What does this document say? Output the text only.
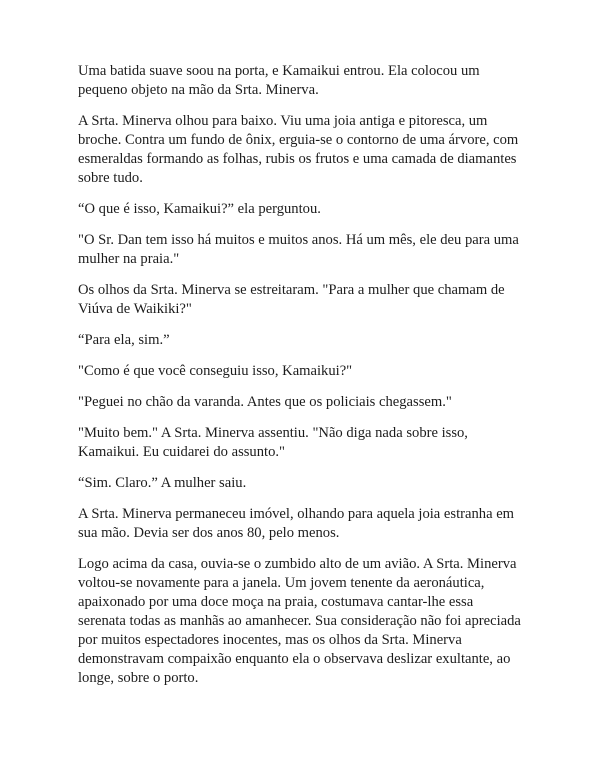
Uma batida suave soou na porta, e Kamaikui entrou. Ela colocou um
pequeno objeto na mão da Srta. Minerva.

A Srta. Minerva olhou para baixo. Viu uma joia antiga e pitoresca, um
broche. Contra um fundo de ônix, erguia-se o contorno de uma árvore, com
esmeraldas formando as folhas, rubis os frutos e uma camada de diamantes
sobre tudo.

“O que é isso, Kamaikui?” ela perguntou.

"O Sr. Dan tem isso há muitos e muitos anos. Há um mês, ele deu para uma
mulher na praia."

Os olhos da Srta. Minerva se estreitaram. "Para a mulher que chamam de
Viúva de Waikiki?"

“Para ela, sim.”

"Como é que você conseguiu isso, Kamaikui?"

"Peguei no chão da varanda. Antes que os policiais chegassem."

"Muito bem." A Srta. Minerva assentiu. "Não diga nada sobre isso,
Kamaikui. Eu cuidarei do assunto."

“Sim. Claro.” A mulher saiu.

A Srta. Minerva permaneceu imóvel, olhando para aquela joia estranha em
sua mão. Devia ser dos anos 80, pelo menos.

Logo acima da casa, ouvia-se o zumbido alto de um avião. A Srta. Minerva
voltou-se novamente para a janela. Um jovem tenente da aeronáutica,
apaixonado por uma doce moça na praia, costumava cantar-lhe essa
serenata todas as manhãs ao amanhecer. Sua consideração não foi apreciada
por muitos espectadores inocentes, mas os olhos da Srta. Minerva
demonstravam compaixão enquanto ela o observava deslizar exultante, ao
longe, sobre o porto.
